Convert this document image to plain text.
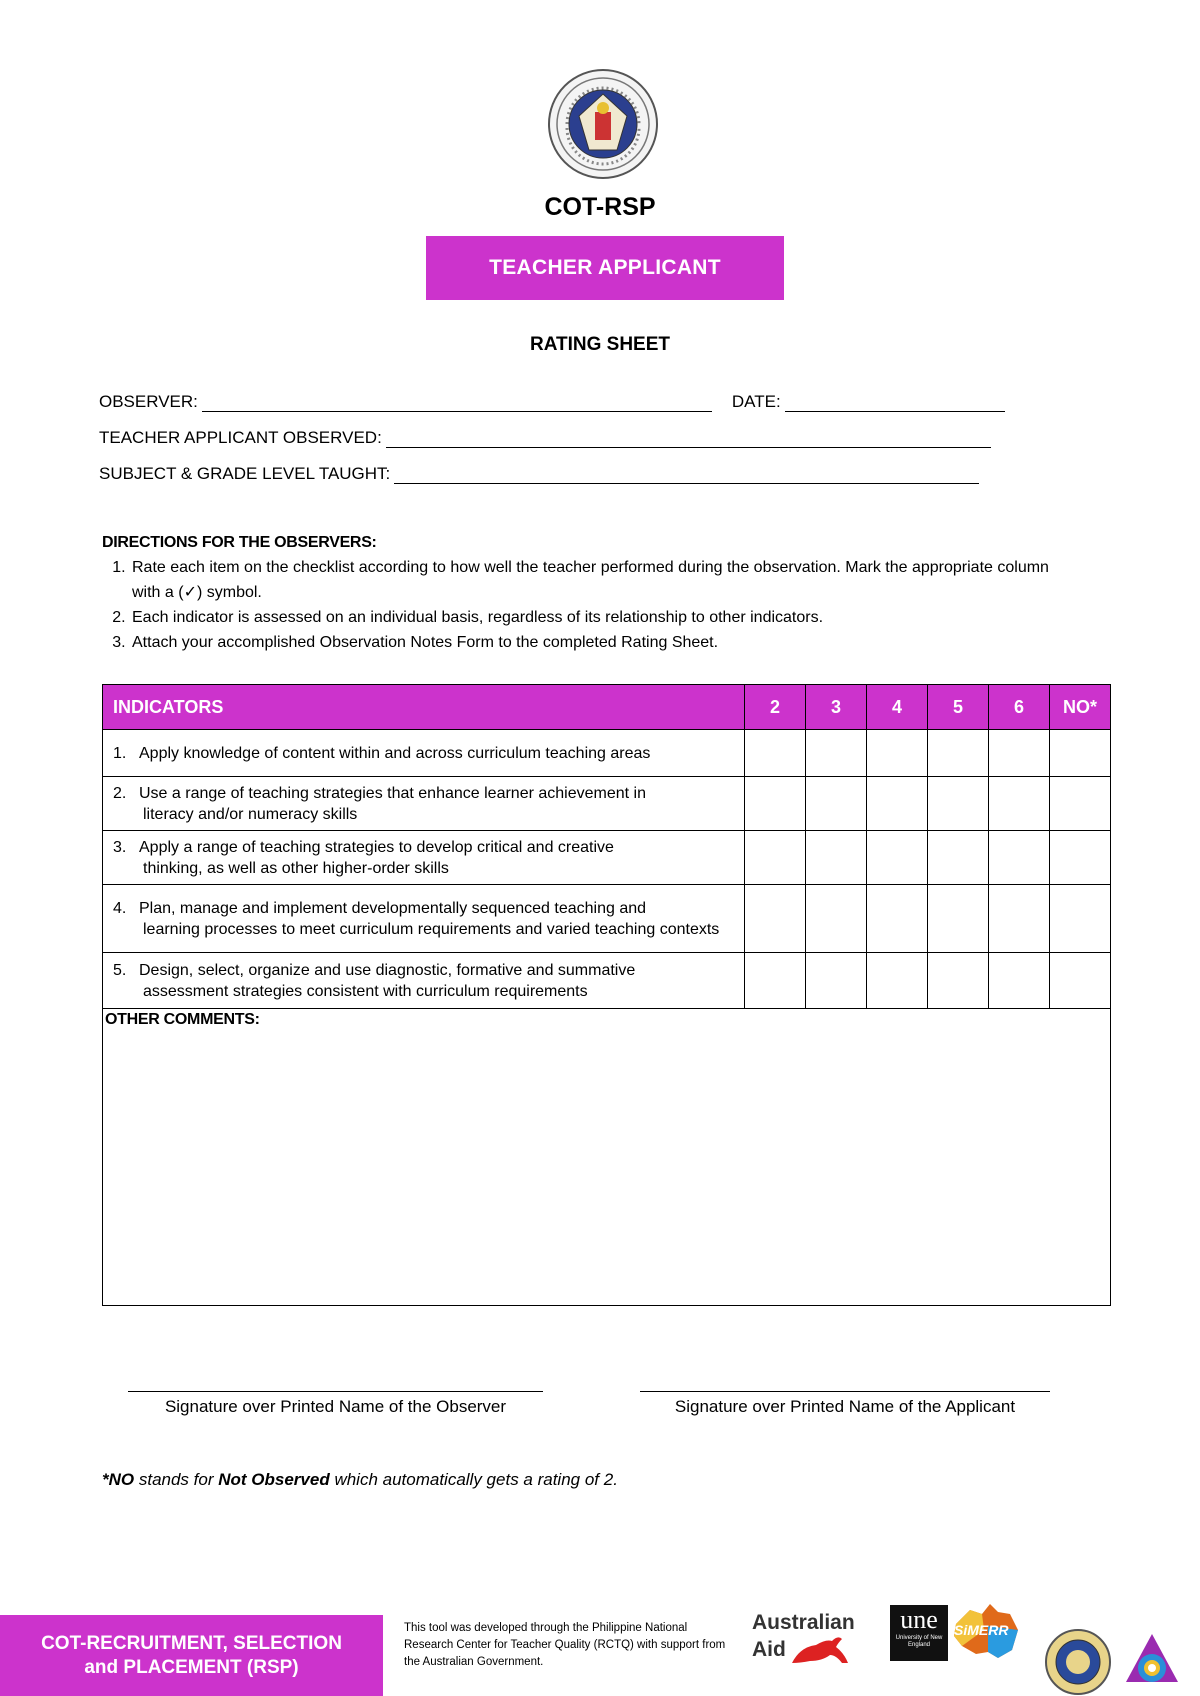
COT-RSP
TEACHER APPLICANT
RATING SHEET
OBSERVER:	DATE:
TEACHER APPLICANT OBSERVED:
SUBJECT & GRADE LEVEL TAUGHT:
DIRECTIONS FOR THE OBSERVERS:
1. Rate each item on the checklist according to how well the teacher performed during the observation. Mark the appropriate column with a (✓) symbol.
2. Each indicator is assessed on an individual basis, regardless of its relationship to other indicators.
3. Attach your accomplished Observation Notes Form to the completed Rating Sheet.
INDICATORS	2	3	4	5	6	NO*
1. Apply knowledge of content within and across curriculum teaching areas						
2. Use a range of teaching strategies that enhance learner achievement in
literacy and/or numeracy skills						

3. Apply a range of teaching strategies to develop critical and creative
thinking, as well as other higher-order skills						

4. Plan, manage and implement developmentally sequenced teaching and
learning processes to meet curriculum requirements and varied teaching contexts						

5. Design, select, organize and use diagnostic, formative and summative
assessment strategies consistent with curriculum requirements						

OTHER COMMENTS:						
Signature over Printed Name of the Observer	Signature over Printed Name of the Applicant
*NO stands for Not Observed which automatically gets a rating of 2.
COT-RECRUITMENT, SELECTION
and PLACEMENT (RSP)
This tool was developed through the Philippine National Research Center for Teacher Quality (RCTQ) with support from the Australian Government.
Australian
Aid
une
University of New England
SiMERR
